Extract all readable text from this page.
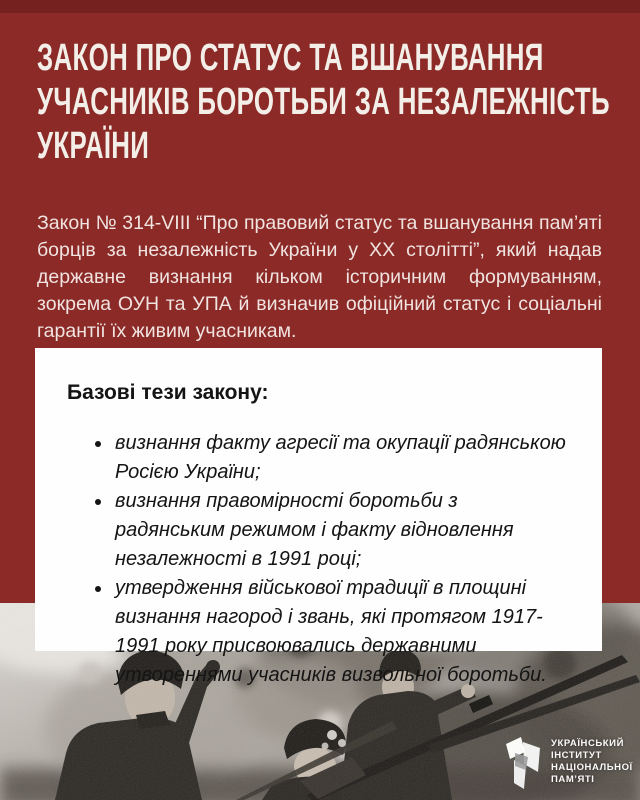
ЗАКОН ПРО СТАТУС ТА ВШАНУВАННЯ
УЧАСНИКІВ БОРОТЬБИ ЗА НЕЗАЛЕЖНІСТЬ
УКРАЇНИ

Закон № 314-VIII “Про правовий статус та вшанування пам’яті борців за незалежність України у ХХ столітті”, який надав державне визнання кільком історичним формуванням, зокрема ОУН та УПА й визначив офіційний статус і соціальні гарантії їх живим учасникам.

Базові тези закону:
• визнання факту агресії та окупації радянською Росією України;
• визнання правомірності боротьби з радянським режимом і факту відновлення незалежності в 1991 році;
• утвердження військової традиції в площині визнання нагород і звань, які протягом 1917-1991 року присвоювались державними утвореннями учасників визвольної боротьби.
УКРАЇНСЬКИЙ
ІНСТИТУТ
НАЦІОНАЛЬНОЇ
ПАМ’ЯТІ
